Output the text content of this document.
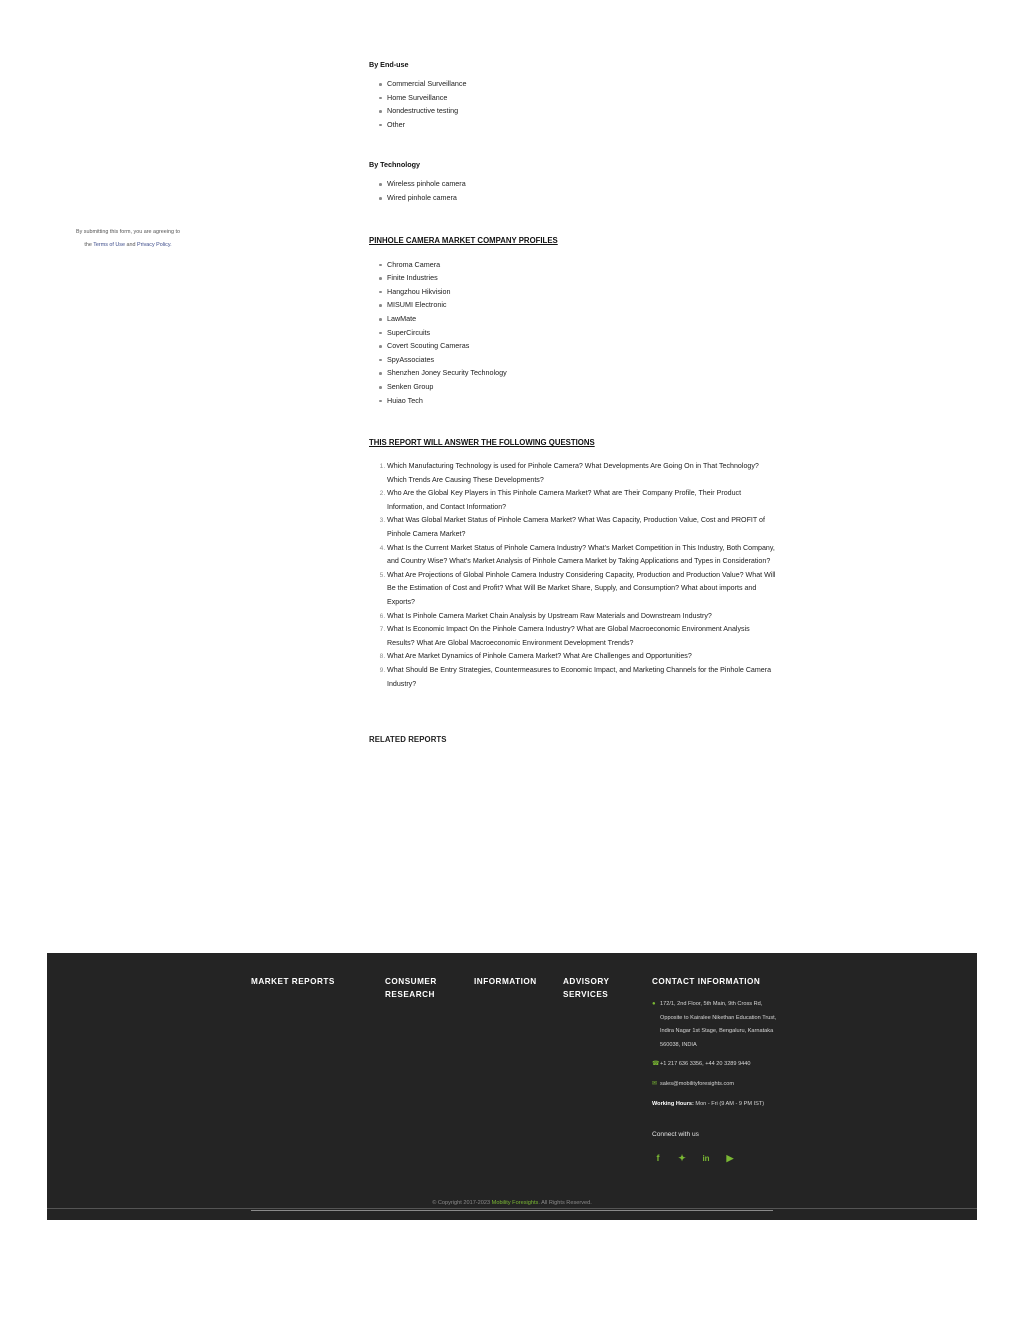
By submitting this form, you are agreeing to
the Terms of Use and Privacy Policy.
By End-use
Commercial Surveillance
Home Surveillance
Nondestructive testing
Other
By Technology
Wireless pinhole camera
Wired pinhole camera
PINHOLE CAMERA MARKET COMPANY PROFILES
Chroma Camera
Finite Industries
Hangzhou Hikvision
MISUMI Electronic
LawMate
SuperCircuits
Covert Scouting Cameras
SpyAssociates
Shenzhen Joney Security Technology
Senken Group
Huiao Tech
THIS REPORT WILL ANSWER THE FOLLOWING QUESTIONS
1. Which Manufacturing Technology is used for Pinhole Camera? What Developments Are Going On in That Technology? Which Trends Are Causing These Developments?
2. Who Are the Global Key Players in This Pinhole Camera Market? What are Their Company Profile, Their Product Information, and Contact Information?
3. What Was Global Market Status of Pinhole Camera Market? What Was Capacity, Production Value, Cost and PROFIT of Pinhole Camera Market?
4. What Is the Current Market Status of Pinhole Camera Industry? What’s Market Competition in This Industry, Both Company, and Country Wise? What’s Market Analysis of Pinhole Camera Market by Taking Applications and Types in Consideration?
5. What Are Projections of Global Pinhole Camera Industry Considering Capacity, Production and Production Value? What Will Be the Estimation of Cost and Profit? What Will Be Market Share, Supply, and Consumption? What about imports and Exports?
6. What Is Pinhole Camera Market Chain Analysis by Upstream Raw Materials and Downstream Industry?
7. What Is Economic Impact On the Pinhole Camera Industry? What are Global Macroeconomic Environment Analysis Results? What Are Global Macroeconomic Environment Development Trends?
8. What Are Market Dynamics of Pinhole Camera Market? What Are Challenges and Opportunities?
9. What Should Be Entry Strategies, Countermeasures to Economic Impact, and Marketing Channels for the Pinhole Camera Industry?
RELATED REPORTS
MARKET REPORTS	CONSUMER RESEARCH
INFORMATION	ADVISORY SERVICES
CONTACT INFORMATION
● 172/1, 2nd Floor, 5th Main, 9th Cross Rd, Opposite to Kairalee Nikethan Education Trust, Indira Nagar 1st Stage, Bengaluru, Karnataka 560038, INDIA
☎ +1 217 636 3356, +44 20 3289 9440
✉ sales@mobilityforesights.com
Working Hours: Mon - Fri (9 AM - 9 PM IST)
Connect with us
f	✦	in ▶
© Copyright 2017-2023 Mobility Foresights. All Rights Reserved.
